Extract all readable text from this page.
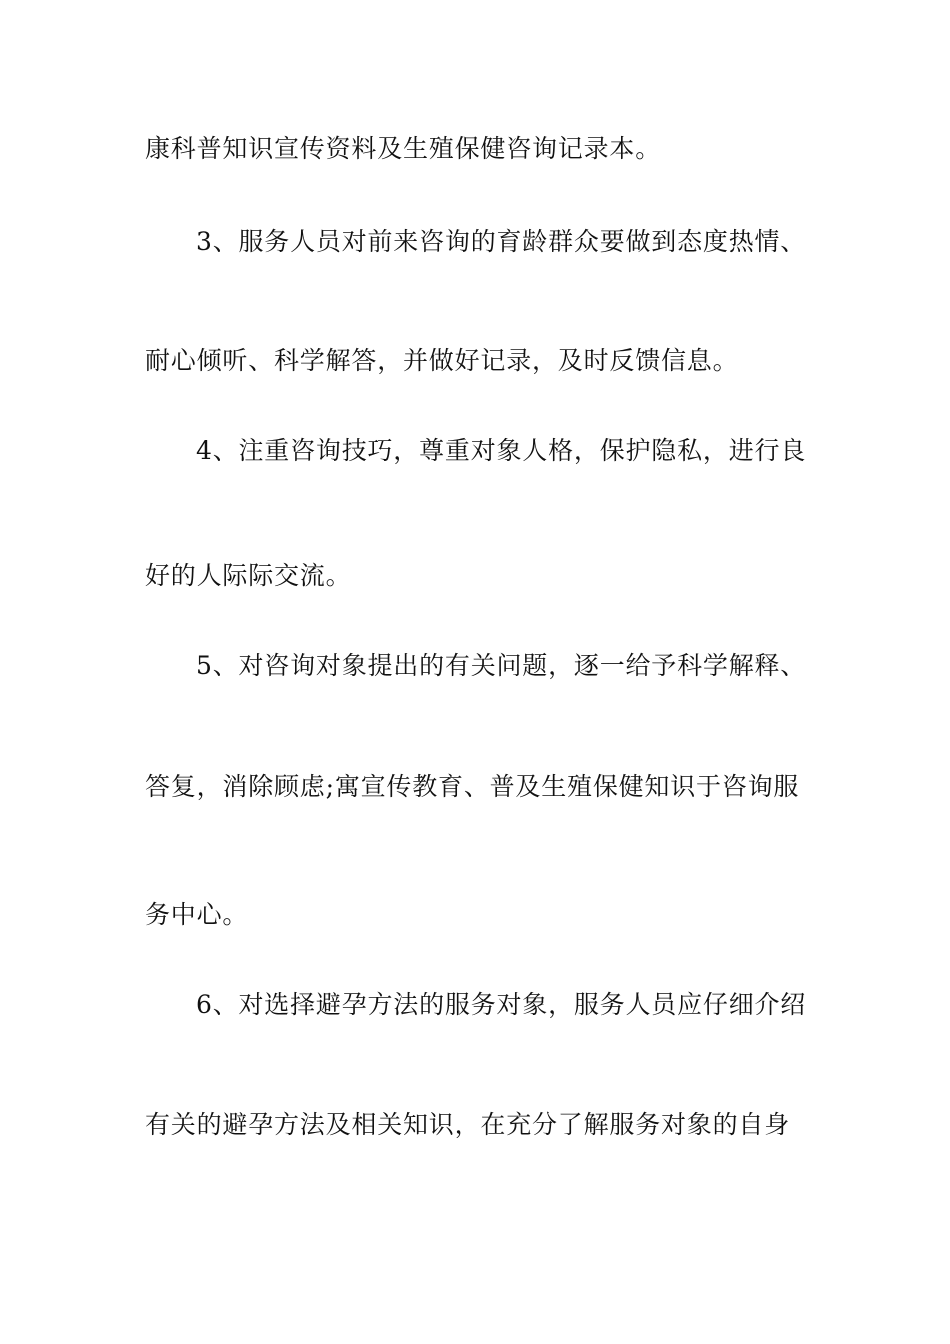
康科普知识宣传资料及生殖保健咨询记录本。
3、服务人员对前来咨询的育龄群众要做到态度热情、
耐心倾听、科学解答，并做好记录，及时反馈信息。
4、注重咨询技巧，尊重对象人格，保护隐私，进行良
好的人际际交流。
5、对咨询对象提出的有关问题，逐一给予科学解释、
答复，消除顾虑;寓宣传教育、普及生殖保健知识于咨询服
务中心。
6、对选择避孕方法的服务对象，服务人员应仔细介绍
有关的避孕方法及相关知识，在充分了解服务对象的自身
